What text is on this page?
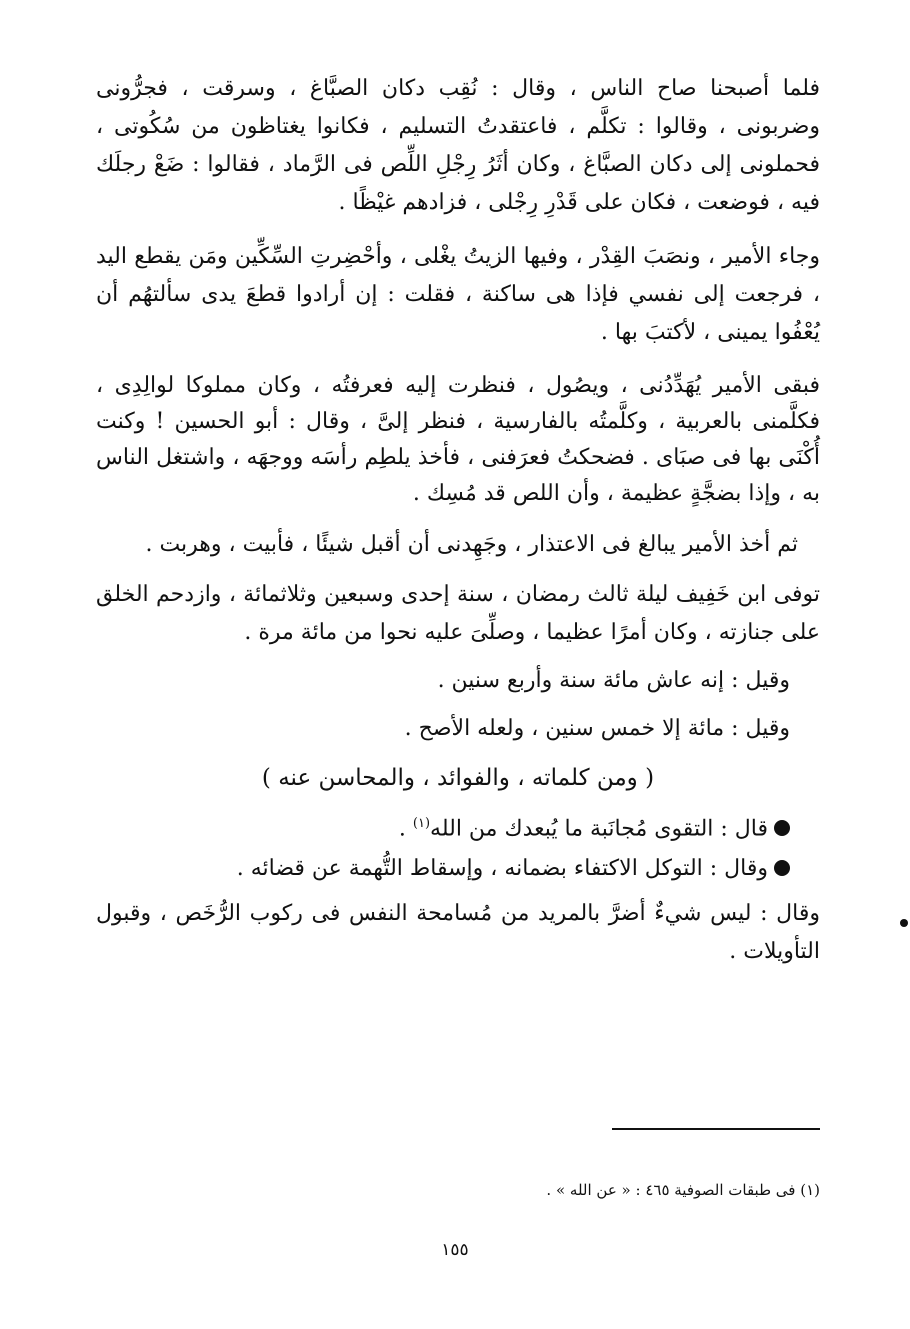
فلما أصبحنا صاح الناس ، وقال : نُقِب دكان الصبَّاغ ، وسرقت ، فجرُّونى وضربونى ، وقالوا : تكلَّم ، فاعتقدتُ التسليم ، فكانوا يغتاظون من سُكُوتى ، فحملونى إلى دكان الصبَّاغ ، وكان أثَرُ رِجْلِ اللِّص فى الرَّماد ، فقالوا : ضَعْ رجلَك فيه ، فوضعت ، فكان على قَدْرِ رِجْلى ، فزادهم غيْظًا .
وجاء الأمير ، ونصَبَ القِدْر ، وفيها الزيتُ يغْلى ، وأحْضِرتِ السِّكِّين ومَن يقطع اليد ، فرجعت إلى نفسي فإذا هى ساكنة ، فقلت : إن أرادوا قطعَ يدى سألتهُم أن يُعْفُوا يمينى ، لأكتبَ بها .
فبقى الأمير يُهَدِّدُنى ، ويصُول ، فنظرت إليه فعرفتُه ، وكان مملوكا لوالِدِى ، فكلَّمنى بالعربية ، وكلَّمتُه بالفارسية ، فنظر إلىَّ ، وقال : أبو الحسين ! وكنت أُكْنَى بها فى صبَاى . فضحكتُ فعرَفنى ، فأخذ يلطِم رأسَه ووجهَه ، واشتغل الناس به ، وإذا بضجَّةٍ عظيمة ، وأن اللص قد مُسِك .
ثم أخذ الأمير يبالغ فى الاعتذار ، وجَهِدنى أن أقبل شيئًا ، فأبيت ، وهربت .
توفى ابن خَفِيف ليلة ثالث رمضان ، سنة إحدى وسبعين وثلاثمائة ، وازدحم الخلق على جنازته ، وكان أمرًا عظيما ، وصلِّىَ عليه نحوا من مائة مرة .
وقيل : إنه عاش مائة سنة وأربع سنين .
وقيل : مائة إلا خمس سنين ، ولعله الأصح .
( ومن كلماته ، والفوائد ، والمحاسن عنه )
قال : التقوى مُجانَبة ما يُبعدك من الله$^{(١)}$ .
وقال : التوكل الاكتفاء بضمانه ، وإسقاط التُّهمة عن قضائه .
وقال : ليس شيءٌ أضرَّ بالمريد من مُسامحة النفس فى ركوب الرُّخَص ، وقبول التأويلات .
(١) فى طبقات الصوفية ٤٦٥ : « عن الله » .
١٥٥
